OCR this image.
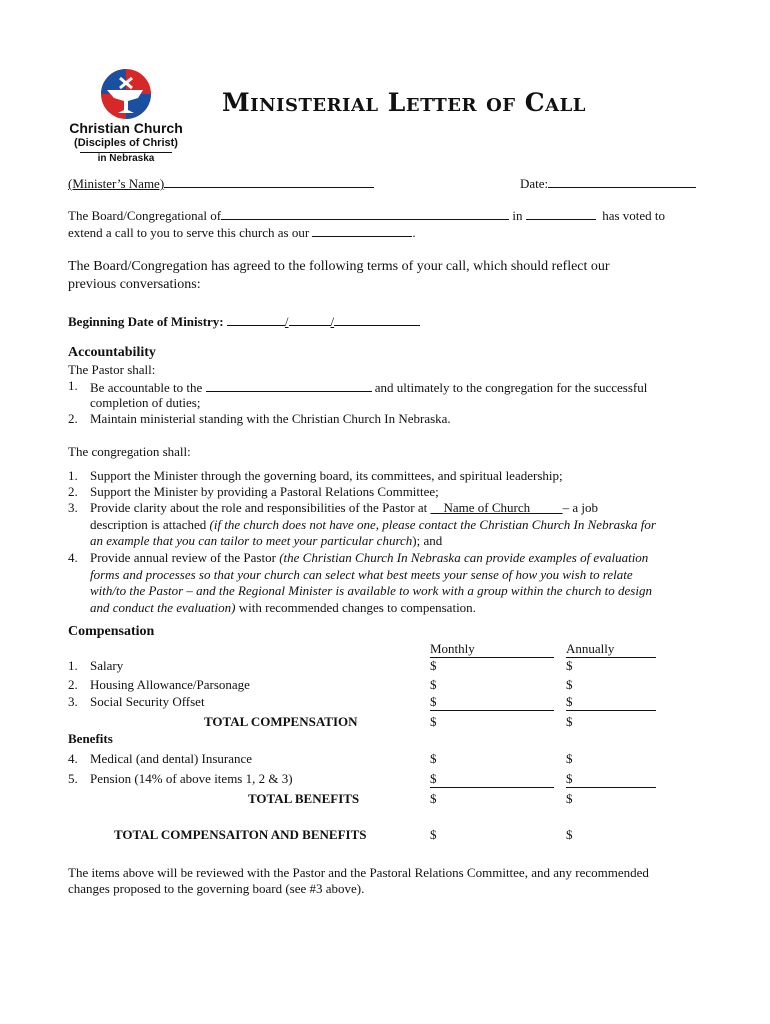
Christian Church
(Disciples of Christ)
in Nebraska
Ministerial Letter of Call
(Minister’s Name)	Date:
The Board/Congregational of	in	has voted to
extend a call to you to serve this church as our	.
The Board/Congregation has agreed to the following terms of your call, which should reflect our
previous conversations:
Beginning Date of Ministry:	/	/
Accountability
The Pastor shall:
1. Be accountable to the	and ultimately to the congregation for the successful
completion of duties;
2. Maintain ministerial standing with the Christian Church In Nebraska.
The congregation shall:
1. Support the Minister through the governing board, its committees, and spiritual leadership;
2. Support the Minister by providing a Pastoral Relations Committee;
3. Provide clarity about the role and responsibilities of the Pastor at Name of Church	– a job
description is attached (if the church does not have one, please contact the Christian Church In Nebraska for
an example that you can tailor to meet your particular church); and
4. Provide annual review of the Pastor (the Christian Church In Nebraska can provide examples of evaluation
forms and processes so that your church can select what best meets your sense of how you wish to relate
with/to the Pastor – and the Regional Minister is available to work with a group within the church to design
and conduct the evaluation) with recommended changes to compensation.
Compensation
Monthly	Annually
1. Salary	$	$
2. Housing Allowance/Parsonage	$	$
3. Social Security Offset	$	$
TOTAL COMPENSATION	$	$
Benefits
4. Medical (and dental) Insurance	$	$
5. Pension (14% of above items 1, 2 & 3)	$	$
TOTAL BENEFITS	$	$
TOTAL COMPENSAITON AND BENEFITS	$	$
The items above will be reviewed with the Pastor and the Pastoral Relations Committee, and any recommended
changes proposed to the governing board (see #3 above).
